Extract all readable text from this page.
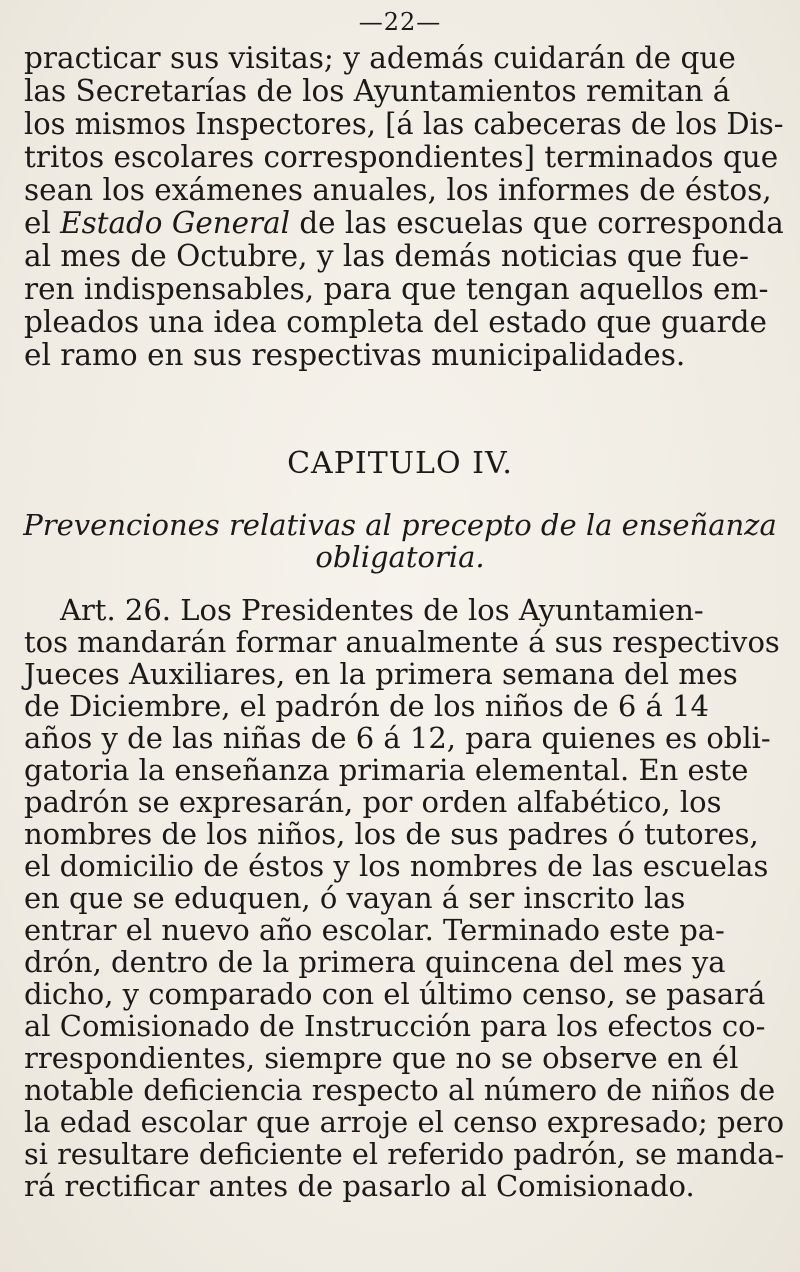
—22—
practicar sus visitas; y además cuidarán de que
las Secretarías de los Ayuntamientos remitan á
los mismos Inspectores, [á las cabeceras de los Dis-
tritos escolares correspondientes] terminados que
sean los exámenes anuales, los informes de éstos,
el Estado General de las escuelas que corresponda
al mes de Octubre, y las demás noticias que fue-
ren indispensables, para que tengan aquellos em-
pleados una idea completa del estado que guarde
el ramo en sus respectivas municipalidades.
CAPITULO IV.
Prevenciones relativas al precepto de la enseñanza
obligatoria.
Art. 26. Los Presidentes de los Ayuntamien-
tos mandarán formar anualmente á sus respectivos
Jueces Auxiliares, en la primera semana del mes
de Diciembre, el padrón de los niños de 6 á 14
años y de las niñas de 6 á 12, para quienes es obli-
gatoria la enseñanza primaria elemental. En este
padrón se expresarán, por orden alfabético, los
nombres de los niños, los de sus padres ó tutores,
el domicilio de éstos y los nombres de las escuelas
en que se eduquen, ó vayan á ser inscrito las
entrar el nuevo año escolar. Terminado este pa-
drón, dentro de la primera quincena del mes ya
dicho, y comparado con el último censo, se pasará
al Comisionado de Instrucción para los efectos co-
rrespondientes, siempre que no se observe en él
notable deficiencia respecto al número de niños de
la edad escolar que arroje el censo expresado; pero
si resultare deficiente el referido padrón, se manda-
rá rectificar antes de pasarlo al Comisionado.
